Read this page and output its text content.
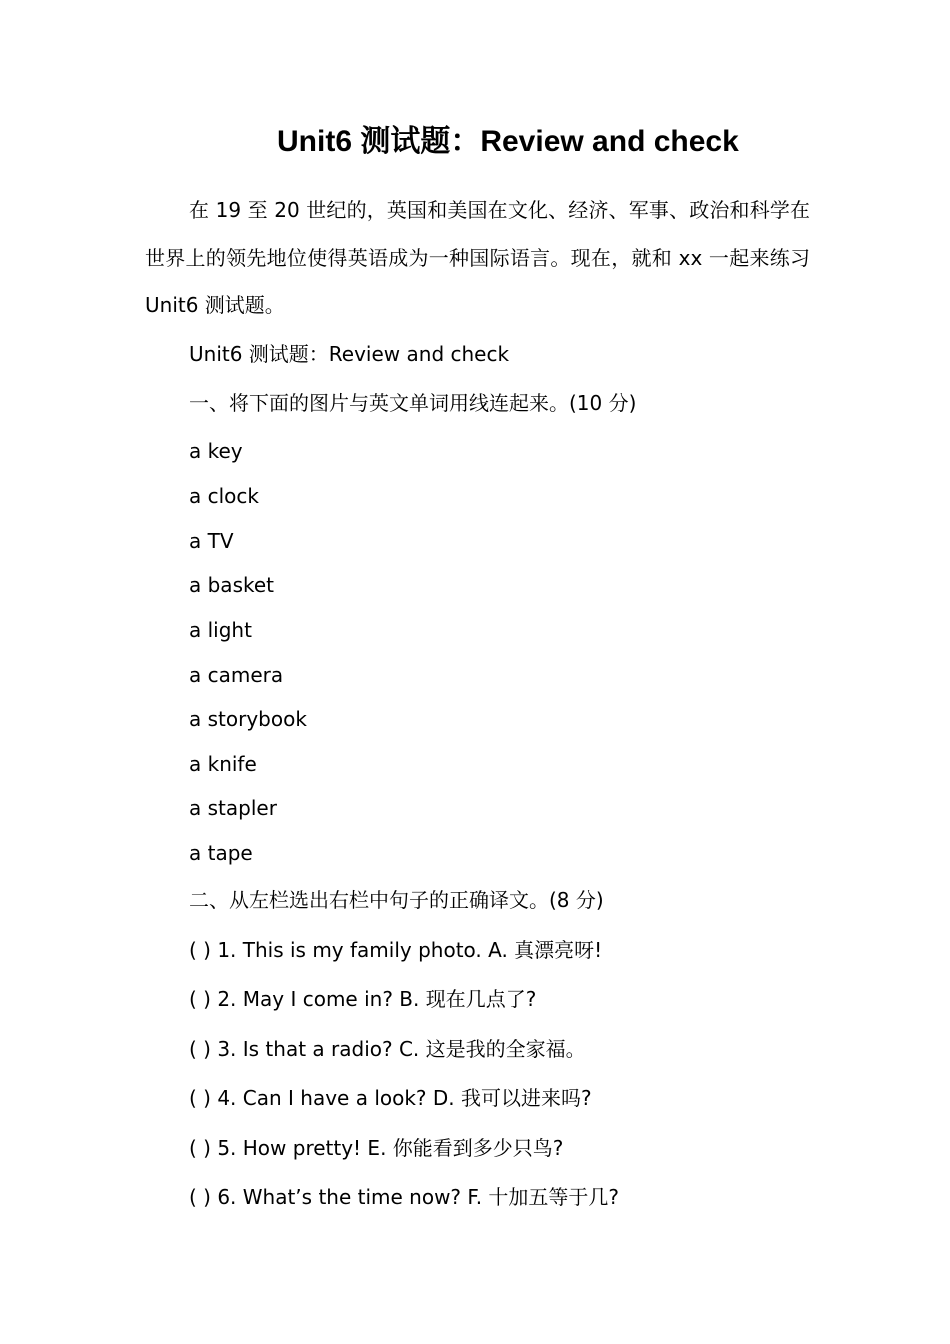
Unit6 测试题：Review and check
在 19 至 20 世纪的，英国和美国在文化、经济、军事、政治和科学在世界上的领先地位使得英语成为一种国际语言。现在，就和 xx 一起来练习 Unit6 测试题。
Unit6 测试题：Review and check
一、将下面的图片与英文单词用线连起来。(10 分)
a key
a clock
a TV
a basket
a light
a camera
a storybook
a knife
a stapler
a tape
二、从左栏选出右栏中句子的正确译文。(8 分)
( ) 1. This is my family photo. A. 真漂亮呀!
( ) 2. May I come in? B. 现在几点了?
( ) 3. Is that a radio? C. 这是我的全家福。
( ) 4. Can I have a look? D. 我可以进来吗?
( ) 5. How pretty! E. 你能看到多少只鸟?
( ) 6. What’s the time now? F. 十加五等于几?
